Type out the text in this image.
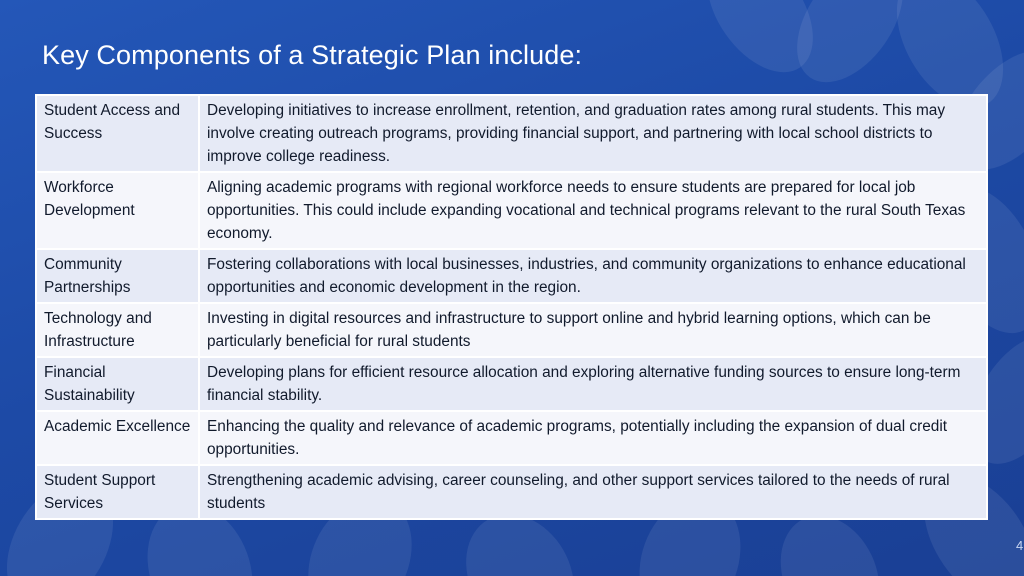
Key Components of a Strategic Plan include:
Student Access and Success	Developing initiatives to increase enrollment, retention, and graduation rates among rural students. This may involve creating outreach programs, providing financial support, and partnering with local school districts to improve college readiness.
Workforce Development	Aligning academic programs with regional workforce needs to ensure students are prepared for local job opportunities. This could include expanding vocational and technical programs relevant to the rural South Texas economy.
Community Partnerships	Fostering collaborations with local businesses, industries, and community organizations to enhance educational opportunities and economic development in the region.
Technology and Infrastructure	Investing in digital resources and infrastructure to support online and hybrid learning options, which can be particularly beneficial for rural students
Financial Sustainability	Developing plans for efficient resource allocation and exploring alternative funding sources to ensure long-term financial stability.
Academic Excellence	Enhancing the quality and relevance of academic programs, potentially including the expansion of dual credit opportunities.
Student Support Services	Strengthening academic advising, career counseling, and other support services tailored to the needs of rural students
4
